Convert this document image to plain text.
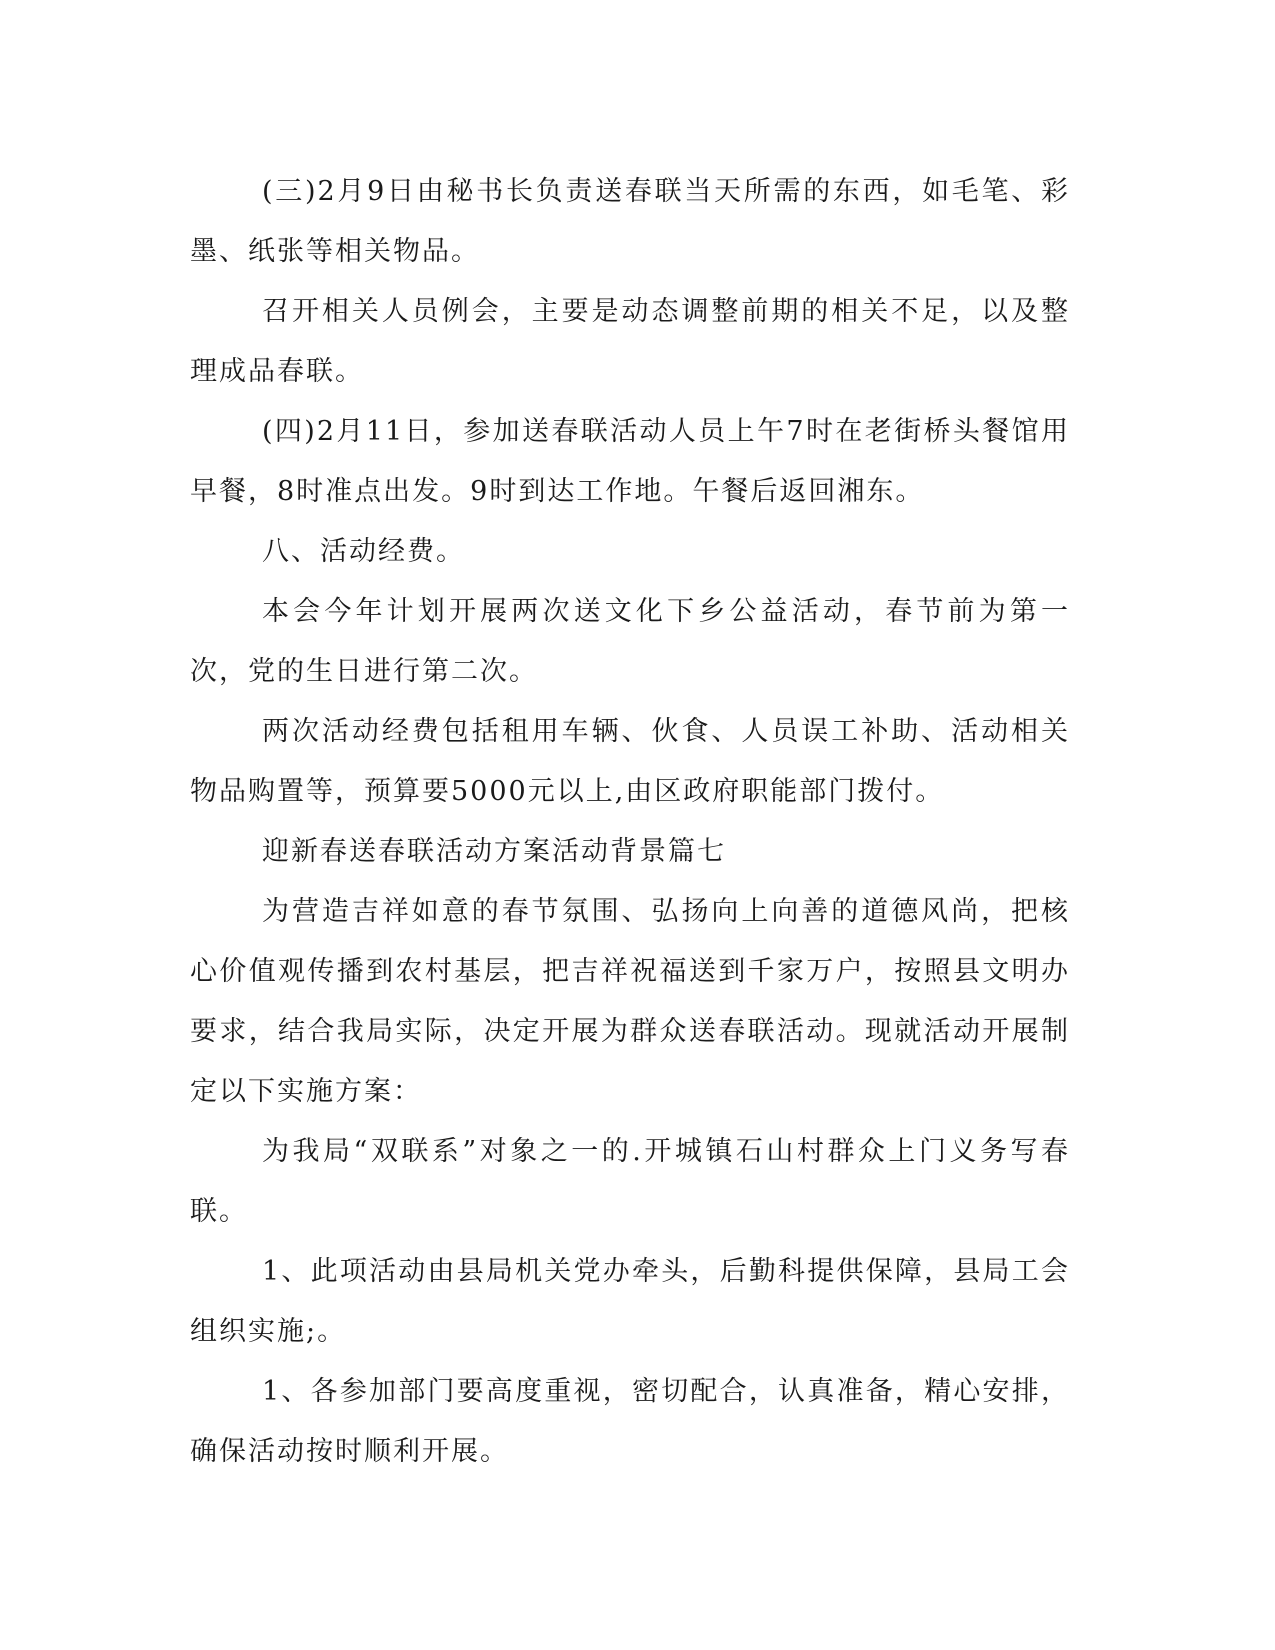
(三)2月9日由秘书长负责送春联当天所需的东西，如毛笔、彩墨、纸张等相关物品。

召开相关人员例会，主要是动态调整前期的相关不足，以及整理成品春联。

(四)2月11日，参加送春联活动人员上午7时在老街桥头餐馆用早餐，8时准点出发。9时到达工作地。午餐后返回湘东。

八、活动经费。

本会今年计划开展两次送文化下乡公益活动，春节前为第一次，党的生日进行第二次。

两次活动经费包括租用车辆、伙食、人员误工补助、活动相关物品购置等，预算要5000元以上,由区政府职能部门拨付。

迎新春送春联活动方案活动背景篇七

为营造吉祥如意的春节氛围、弘扬向上向善的道德风尚，把核心价值观传播到农村基层，把吉祥祝福送到千家万户，按照县文明办要求，结合我局实际，决定开展为群众送春联活动。现就活动开展制定以下实施方案：

为我局“双联系”对象之一的.开城镇石山村群众上门义务写春联。

1、此项活动由县局机关党办牵头，后勤科提供保障，县局工会组织实施;。

1、各参加部门要高度重视，密切配合，认真准备，精心安排，确保活动按时顺利开展。
